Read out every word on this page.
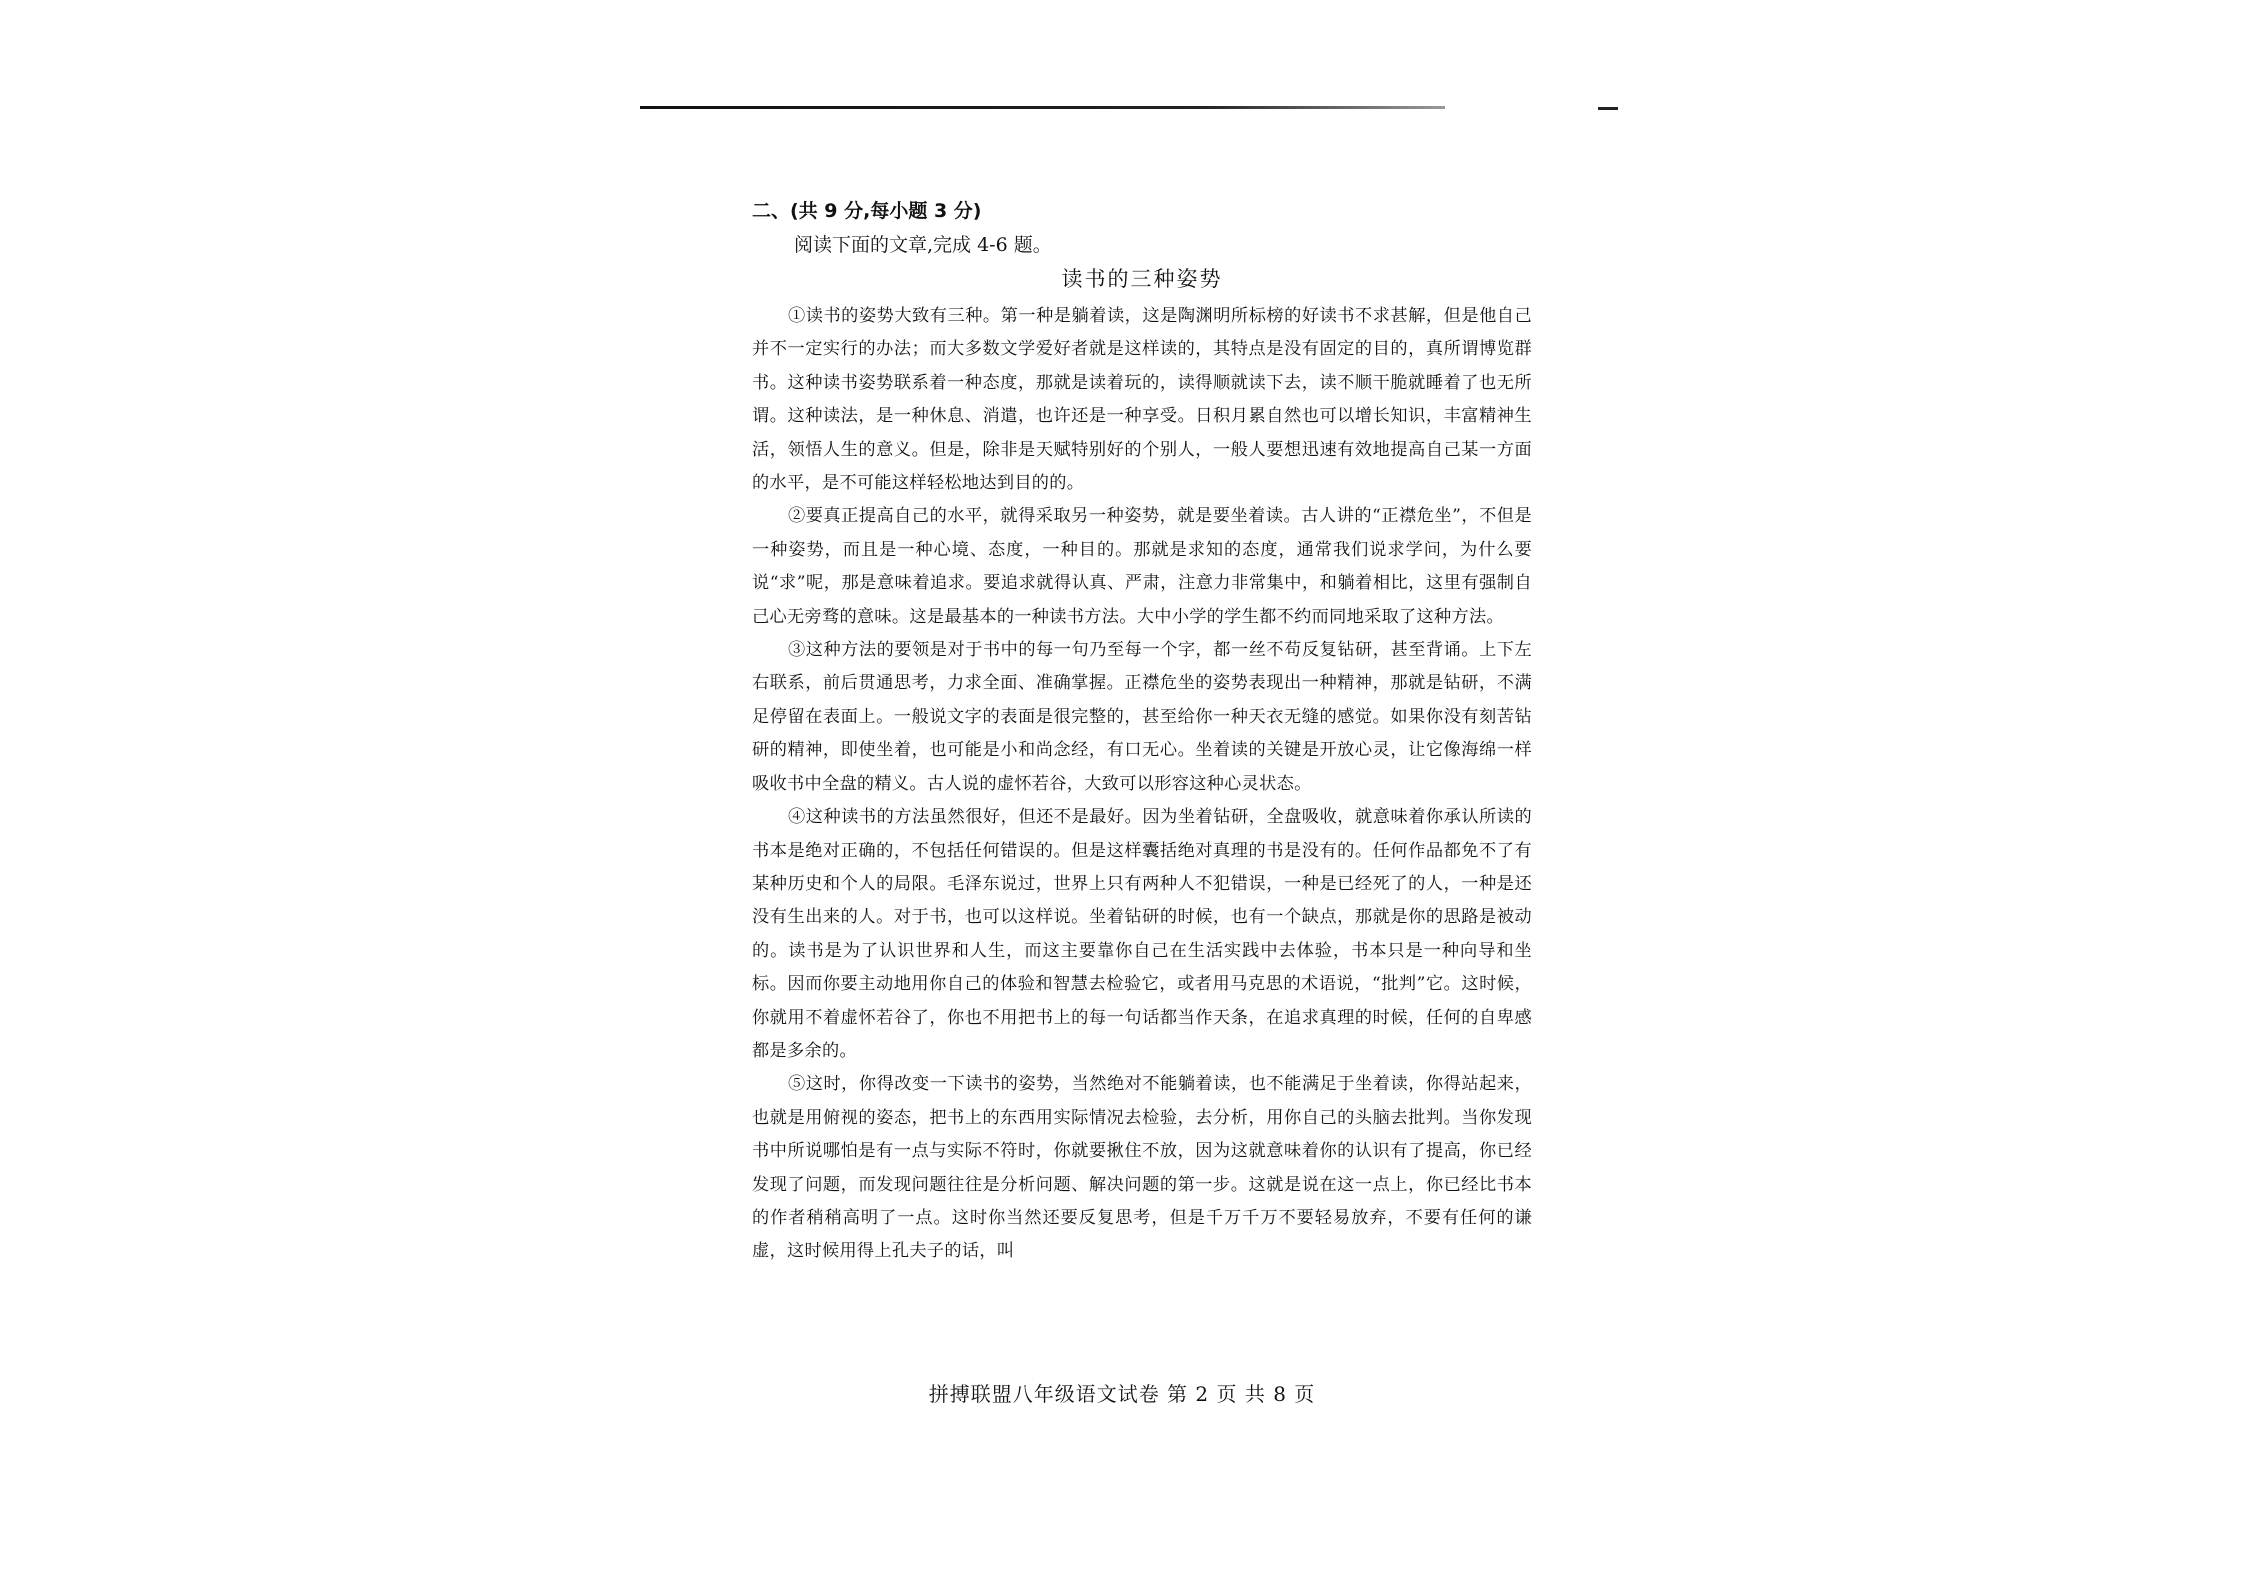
二、(共 9 分,每小题 3 分)

阅读下面的文章,完成 4-6 题。

读书的三种姿势

①读书的姿势大致有三种。第一种是躺着读，这是陶渊明所标榜的好读书不求甚解，但是他自己并不一定实行的办法；而大多数文学爱好者就是这样读的，其特点是没有固定的目的，真所谓博览群书。这种读书姿势联系着一种态度，那就是读着玩的，读得顺就读下去，读不顺干脆就睡着了也无所谓。这种读法，是一种休息、消遣，也许还是一种享受。日积月累自然也可以增长知识，丰富精神生活，领悟人生的意义。但是，除非是天赋特别好的个别人，一般人要想迅速有效地提高自己某一方面的水平，是不可能这样轻松地达到目的的。

②要真正提高自己的水平，就得采取另一种姿势，就是要坐着读。古人讲的“正襟危坐”，不但是一种姿势，而且是一种心境、态度，一种目的。那就是求知的态度，通常我们说求学问，为什么要说“求”呢，那是意味着追求。要追求就得认真、严肃，注意力非常集中，和躺着相比，这里有强制自己心无旁骛的意味。这是最基本的一种读书方法。大中小学的学生都不约而同地采取了这种方法。

③这种方法的要领是对于书中的每一句乃至每一个字，都一丝不苟反复钻研，甚至背诵。上下左右联系，前后贯通思考，力求全面、准确掌握。正襟危坐的姿势表现出一种精神，那就是钻研，不满足停留在表面上。一般说文字的表面是很完整的，甚至给你一种天衣无缝的感觉。如果你没有刻苦钻研的精神，即使坐着，也可能是小和尚念经，有口无心。坐着读的关键是开放心灵，让它像海绵一样吸收书中全盘的精义。古人说的虚怀若谷，大致可以形容这种心灵状态。

④这种读书的方法虽然很好，但还不是最好。因为坐着钻研，全盘吸收，就意味着你承认所读的书本是绝对正确的，不包括任何错误的。但是这样囊括绝对真理的书是没有的。任何作品都免不了有某种历史和个人的局限。毛泽东说过，世界上只有两种人不犯错误，一种是已经死了的人，一种是还没有生出来的人。对于书，也可以这样说。坐着钻研的时候，也有一个缺点，那就是你的思路是被动的。读书是为了认识世界和人生，而这主要靠你自己在生活实践中去体验，书本只是一种向导和坐标。因而你要主动地用你自己的体验和智慧去检验它，或者用马克思的术语说，“批判”它。这时候，你就用不着虚怀若谷了，你也不用把书上的每一句话都当作天条，在追求真理的时候，任何的自卑感都是多余的。

⑤这时，你得改变一下读书的姿势，当然绝对不能躺着读，也不能满足于坐着读，你得站起来，也就是用俯视的姿态，把书上的东西用实际情况去检验，去分析，用你自己的头脑去批判。当你发现书中所说哪怕是有一点与实际不符时，你就要揪住不放，因为这就意味着你的认识有了提高，你已经发现了问题，而发现问题往往是分析问题、解决问题的第一步。这就是说在这一点上，你已经比书本的作者稍稍高明了一点。这时你当然还要反复思考，但是千万千万不要轻易放弃，不要有任何的谦虚，这时候用得上孔夫子的话，叫

拼搏联盟八年级语文试卷 第 2 页 共 8 页
